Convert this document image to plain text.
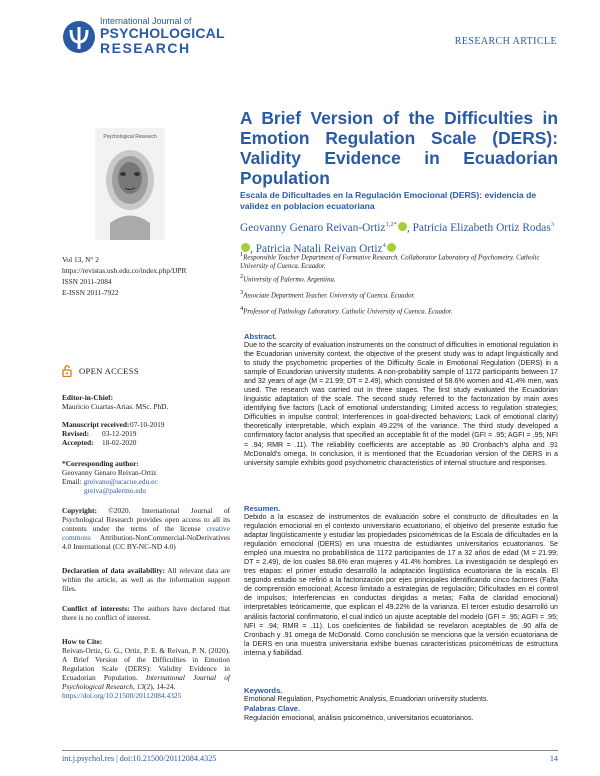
International Journal of
PSYCHOLOGICAL
RESEARCH	RESEARCH ARTICLE
Psychological Research
Vol 13, N° 2
https://revistas.usb.edu.co/index.php/IJPR
ISSN 2011-2084
E-ISSN 2011-7922
OPEN ACCESS
Editor-in-Chief:
Mauricio Cuartas-Arias. MSc. PhD.
Manuscript received: 07-10-2019
Revised:	03-12-2019
Accepted:	18-02-2020
*Corresponding author:
Geovanny Genaro Reivan-Ortiz
Email: greivano@ucacue.edu.ec
greiva@palermo.edu
Copyright: ©2020. International Journal of Psychological Research provides open access to all its contents under the terms of the license creative commons Attribution-NonCommercial-NoDerivatives 4.0 International (CC BY-NC-ND 4.0)
Declaration of data availability: All relevant data are within the article, as well as the information support files.
Conflict of interests: The authors have declared that there is no conflict of interest.
How to Cite:
Reivan-Ortiz, G. G., Ortiz, P. E. & Reivan, P. N. (2020). A Brief Version of the Difficulties in Emotion Regulation Scale (DERS): Validity Evidence in Ecuadorian Population. International Journal of Psychological Research, 13(2), 14-24.
https://doi.org/10.21500/20112084.4325
A Brief Version of the Difficulties in Emotion Regulation Scale (DERS): Validity Evidence in Ecuadorian Population
Escala de Dificultades en la Regulación Emocional (DERS): evidencia de validez en poblacion ecuatoriana
Geovanny Genaro Reivan-Ortiz$^{1,2*}$ , Patricia Elizabeth Ortiz Rodas$^3$, Patricia Natali Reivan Ortiz$^4$
$^1$Responsible Teacher Department of Formative Research. Collaborator Laboratory of Psychometry. Catholic University of Cuenca. Ecuador.
$^2$University of Palermo. Argentina.
$^3$Associate Department Teacher. University of Cuenca. Ecuador.
$^4$Professor of Pathology Laboratory. Catholic University of Cuenca. Ecuador.
Abstract.
Due to the scarcity of evaluation instruments on the construct of difficulties in emotional regulation in the Ecuadorian university context, the objective of the present study was to adapt linguistically and to study the psychometric properties of the Difficulty Scale in Emotional Regulation (DERS) in a sample of Ecuadorian university students. A non-probability sample of 1172 participants between 17 and 32 years of age (M = 21.99; DT = 2.49), which consisted of 58.6% women and 41.4% men, was used. The research was carried out in three stages. The first study evaluated the Ecuadorian linguistic adaptation of the scale. The second study referred to the factorization by main axes identifying five factors (Lack of emotional understanding; Limited access to regulation strategies; Difficulties in impulse control; Interferences in goal-directed behaviors; Lack of emotional clarity) theoretically interpretable, which explain 49.22% of the variance. The third study developed a confirmatory factor analysis that specified an acceptable fit of the model (GFI = .95; AGFI = .95; NFI = .94; RMR = .11). The reliability coefficients are acceptable as .90 Cronbach's alpha and .91 McDonald's omega. In conclusion, it is mentioned that the Ecuadorian version of the DERS in a university sample exhibits good psychometric characteristics of internal structure and responses.
Resumen.
Debido a la escasez de instrumentos de evaluación sobre el constructo de dificultades en la regulación emocional en el contexto universitario ecuatoriano, el objetivo del presente estudio fue adaptar lingüísticamente y estudiar las propiedades psicométricas de la Escala de dificultades en la regulación emocional (DERS) en una muestra de estudiantes universitarios ecuatorianos. Se empleó una muestra no probabilística de 1172 participantes de 17 a 32 años de edad (M = 21.99; DT = 2.49), de los cuales 58.6% eran mujeres y 41.4% hombres. La investigación se desplegó en tres etapas: el primer estudio desarrolló la adaptación lingüística ecuatoriana de la escala. El segundo estudio se refirió a la factorización por ejes principales identificando cinco factores (Falta de comprensión emocional; Acceso limitado a estrategias de regulación; Dificultades en el control de impulsos; Interferencias en conductas dirigidas a metas; Falta de claridad emocional) interpretables teóricamente, que explican el 49.22% de la varianza. El tercer estudio desarrolló un análisis factorial confirmatorio, el cual indicó un ajuste aceptable del modelo (GFI = .95; AGFI = .95; NFI = .94; RMR = .11). Los coeficientes de fiabilidad se revelaron aceptables de .90 alfa de Cronbach y .91 omega de McDonald. Como conclusión se menciona que la versión ecuatoriana de la DERS en una muestra universitaria exhibe buenas características psicométricas de estructura interna y fiabilidad.
Keywords.
Emotional Regulation, Psychometric Analysis, Ecuadorian university students.
Palabras Clave.
Regulación emocional, análisis psicométrico, universitarios ecuatorianos.
int.j.psychol.res | doi:10.21500/20112084.4325	14
